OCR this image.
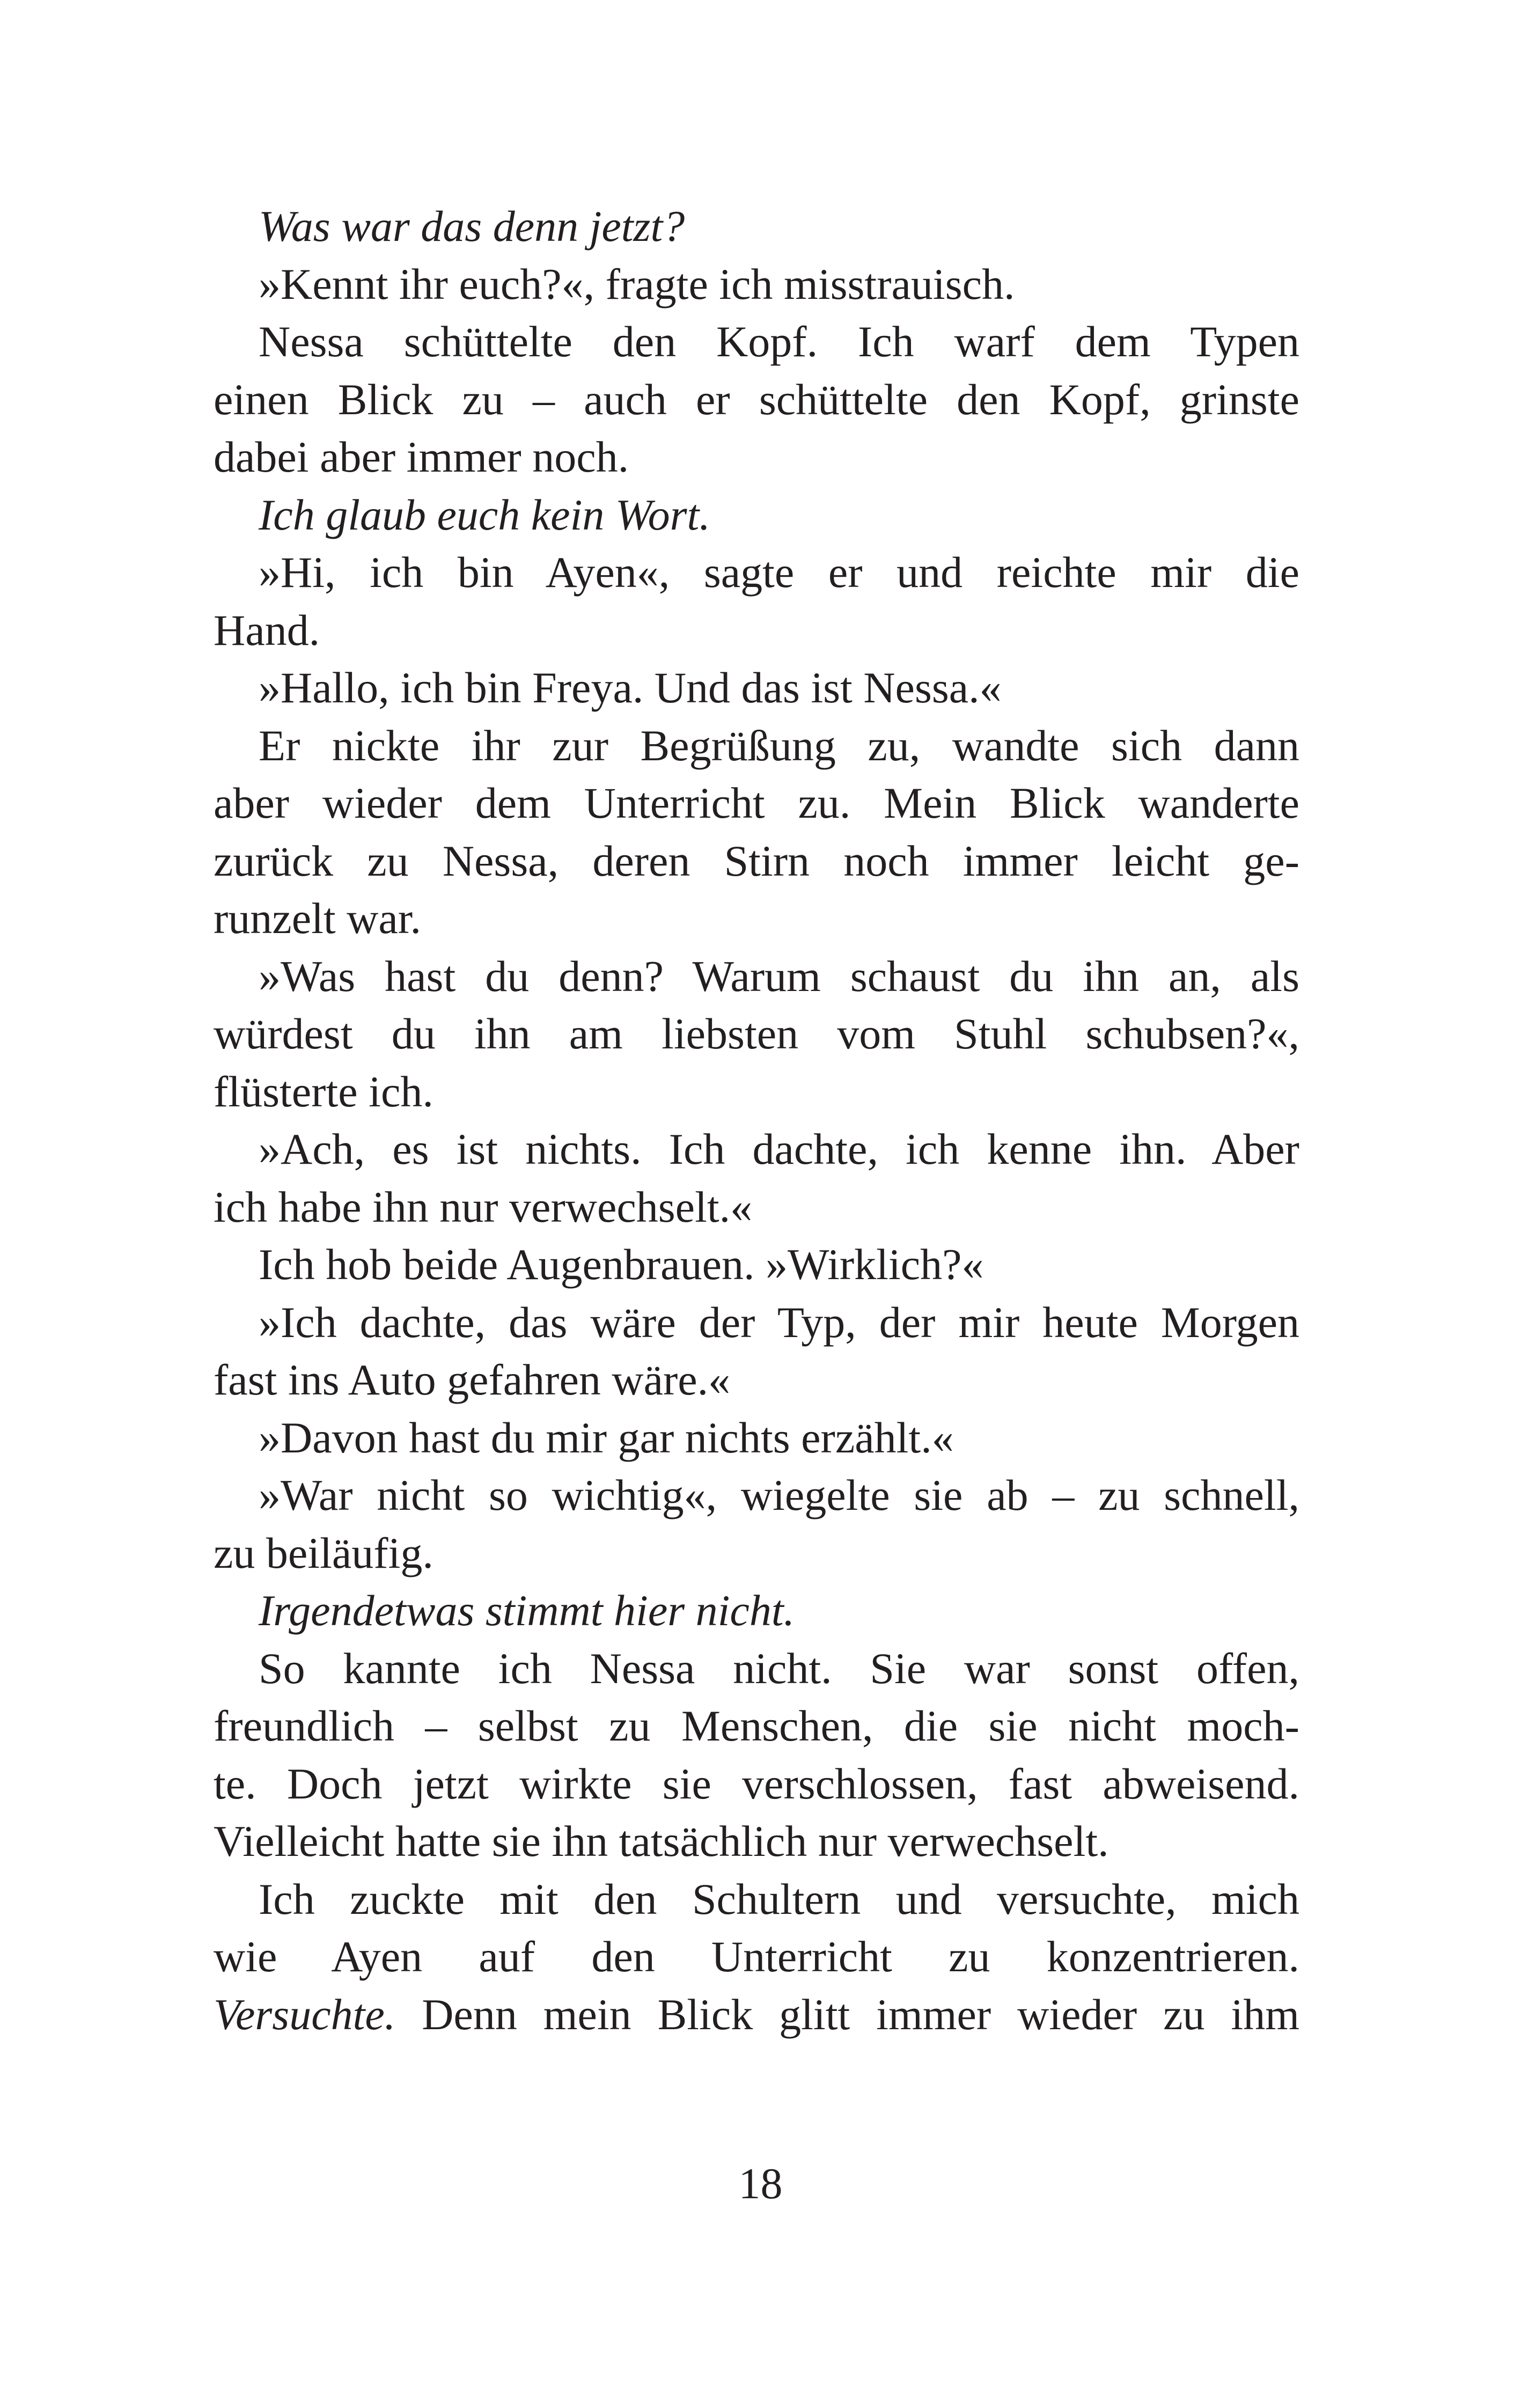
Was war das denn jetzt?
»Kennt ihr euch?«, fragte ich misstrauisch.
Nessa schüttelte den Kopf. Ich warf dem Typen
einen Blick zu – auch er schüttelte den Kopf, grinste
dabei aber immer noch.
Ich glaub euch kein Wort.
»Hi, ich bin Ayen«, sagte er und reichte mir die
Hand.
»Hallo, ich bin Freya. Und das ist Nessa.«
Er nickte ihr zur Begrüßung zu, wandte sich dann
aber wieder dem Unterricht zu. Mein Blick wanderte
zurück zu Nessa, deren Stirn noch immer leicht ge-
runzelt war.
»Was hast du denn? Warum schaust du ihn an, als
würdest du ihn am liebsten vom Stuhl schubsen?«,
flüsterte ich.
»Ach, es ist nichts. Ich dachte, ich kenne ihn. Aber
ich habe ihn nur verwechselt.«
Ich hob beide Augenbrauen. »Wirklich?«
»Ich dachte, das wäre der Typ, der mir heute Morgen
fast ins Auto gefahren wäre.«
»Davon hast du mir gar nichts erzählt.«
»War nicht so wichtig«, wiegelte sie ab – zu schnell,
zu beiläufig.
Irgendetwas stimmt hier nicht.
So kannte ich Nessa nicht. Sie war sonst offen,
freundlich – selbst zu Menschen, die sie nicht moch-
te. Doch jetzt wirkte sie verschlossen, fast abweisend.
Vielleicht hatte sie ihn tatsächlich nur verwechselt.
Ich zuckte mit den Schultern und versuchte, mich
wie Ayen auf den Unterricht zu konzentrieren.
Versuchte. Denn mein Blick glitt immer wieder zu ihm
18
